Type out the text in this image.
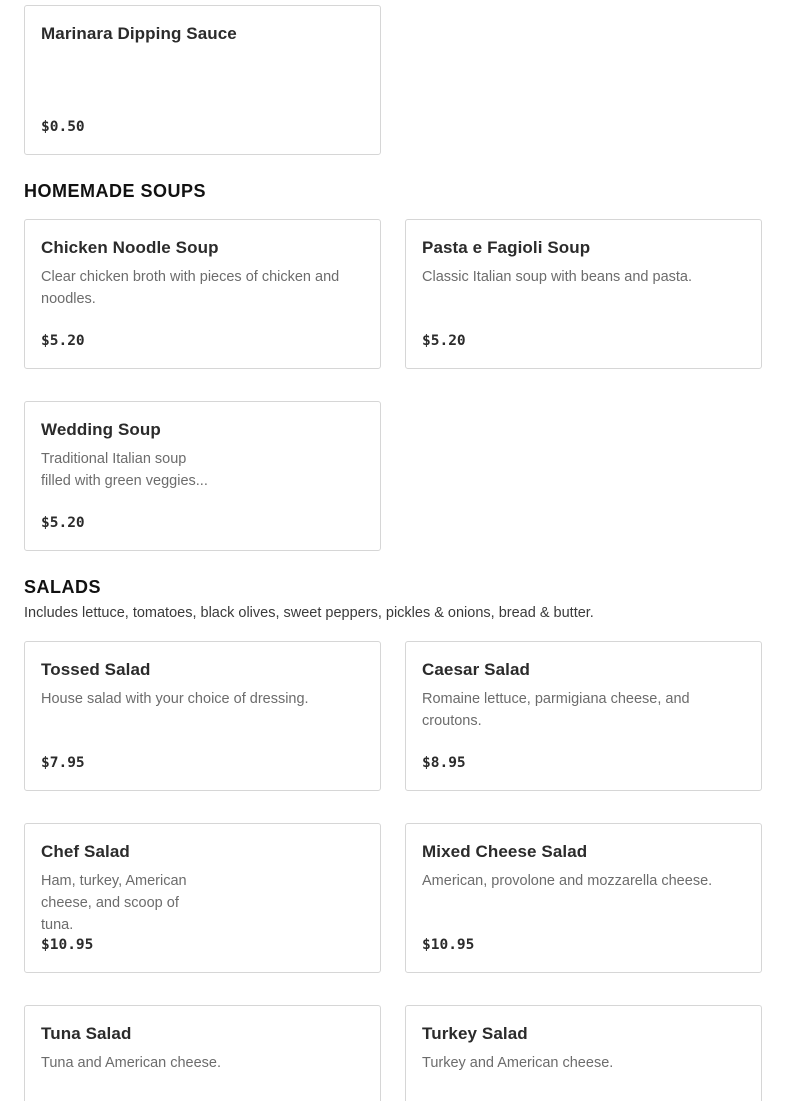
Marinara Dipping Sauce
$0.50
HOMEMADE SOUPS
Chicken Noodle Soup
Clear chicken broth with pieces of chicken and noodles.
$5.20
Pasta e Fagioli Soup
Classic Italian soup with beans and pasta.
$5.20
Wedding Soup
Traditional Italian soup filled with green veggies...
$5.20
SALADS
Includes lettuce, tomatoes, black olives, sweet peppers, pickles & onions, bread & butter.
Tossed Salad
House salad with your choice of dressing.
$7.95
Caesar Salad
Romaine lettuce, parmigiana cheese, and croutons.
$8.95
Chef Salad
Ham, turkey, American cheese, and scoop of tuna.
$10.95
Mixed Cheese Salad
American, provolone and mozzarella cheese.
$10.95
Tuna Salad
Tuna and American cheese.
Turkey Salad
Turkey and American cheese.
